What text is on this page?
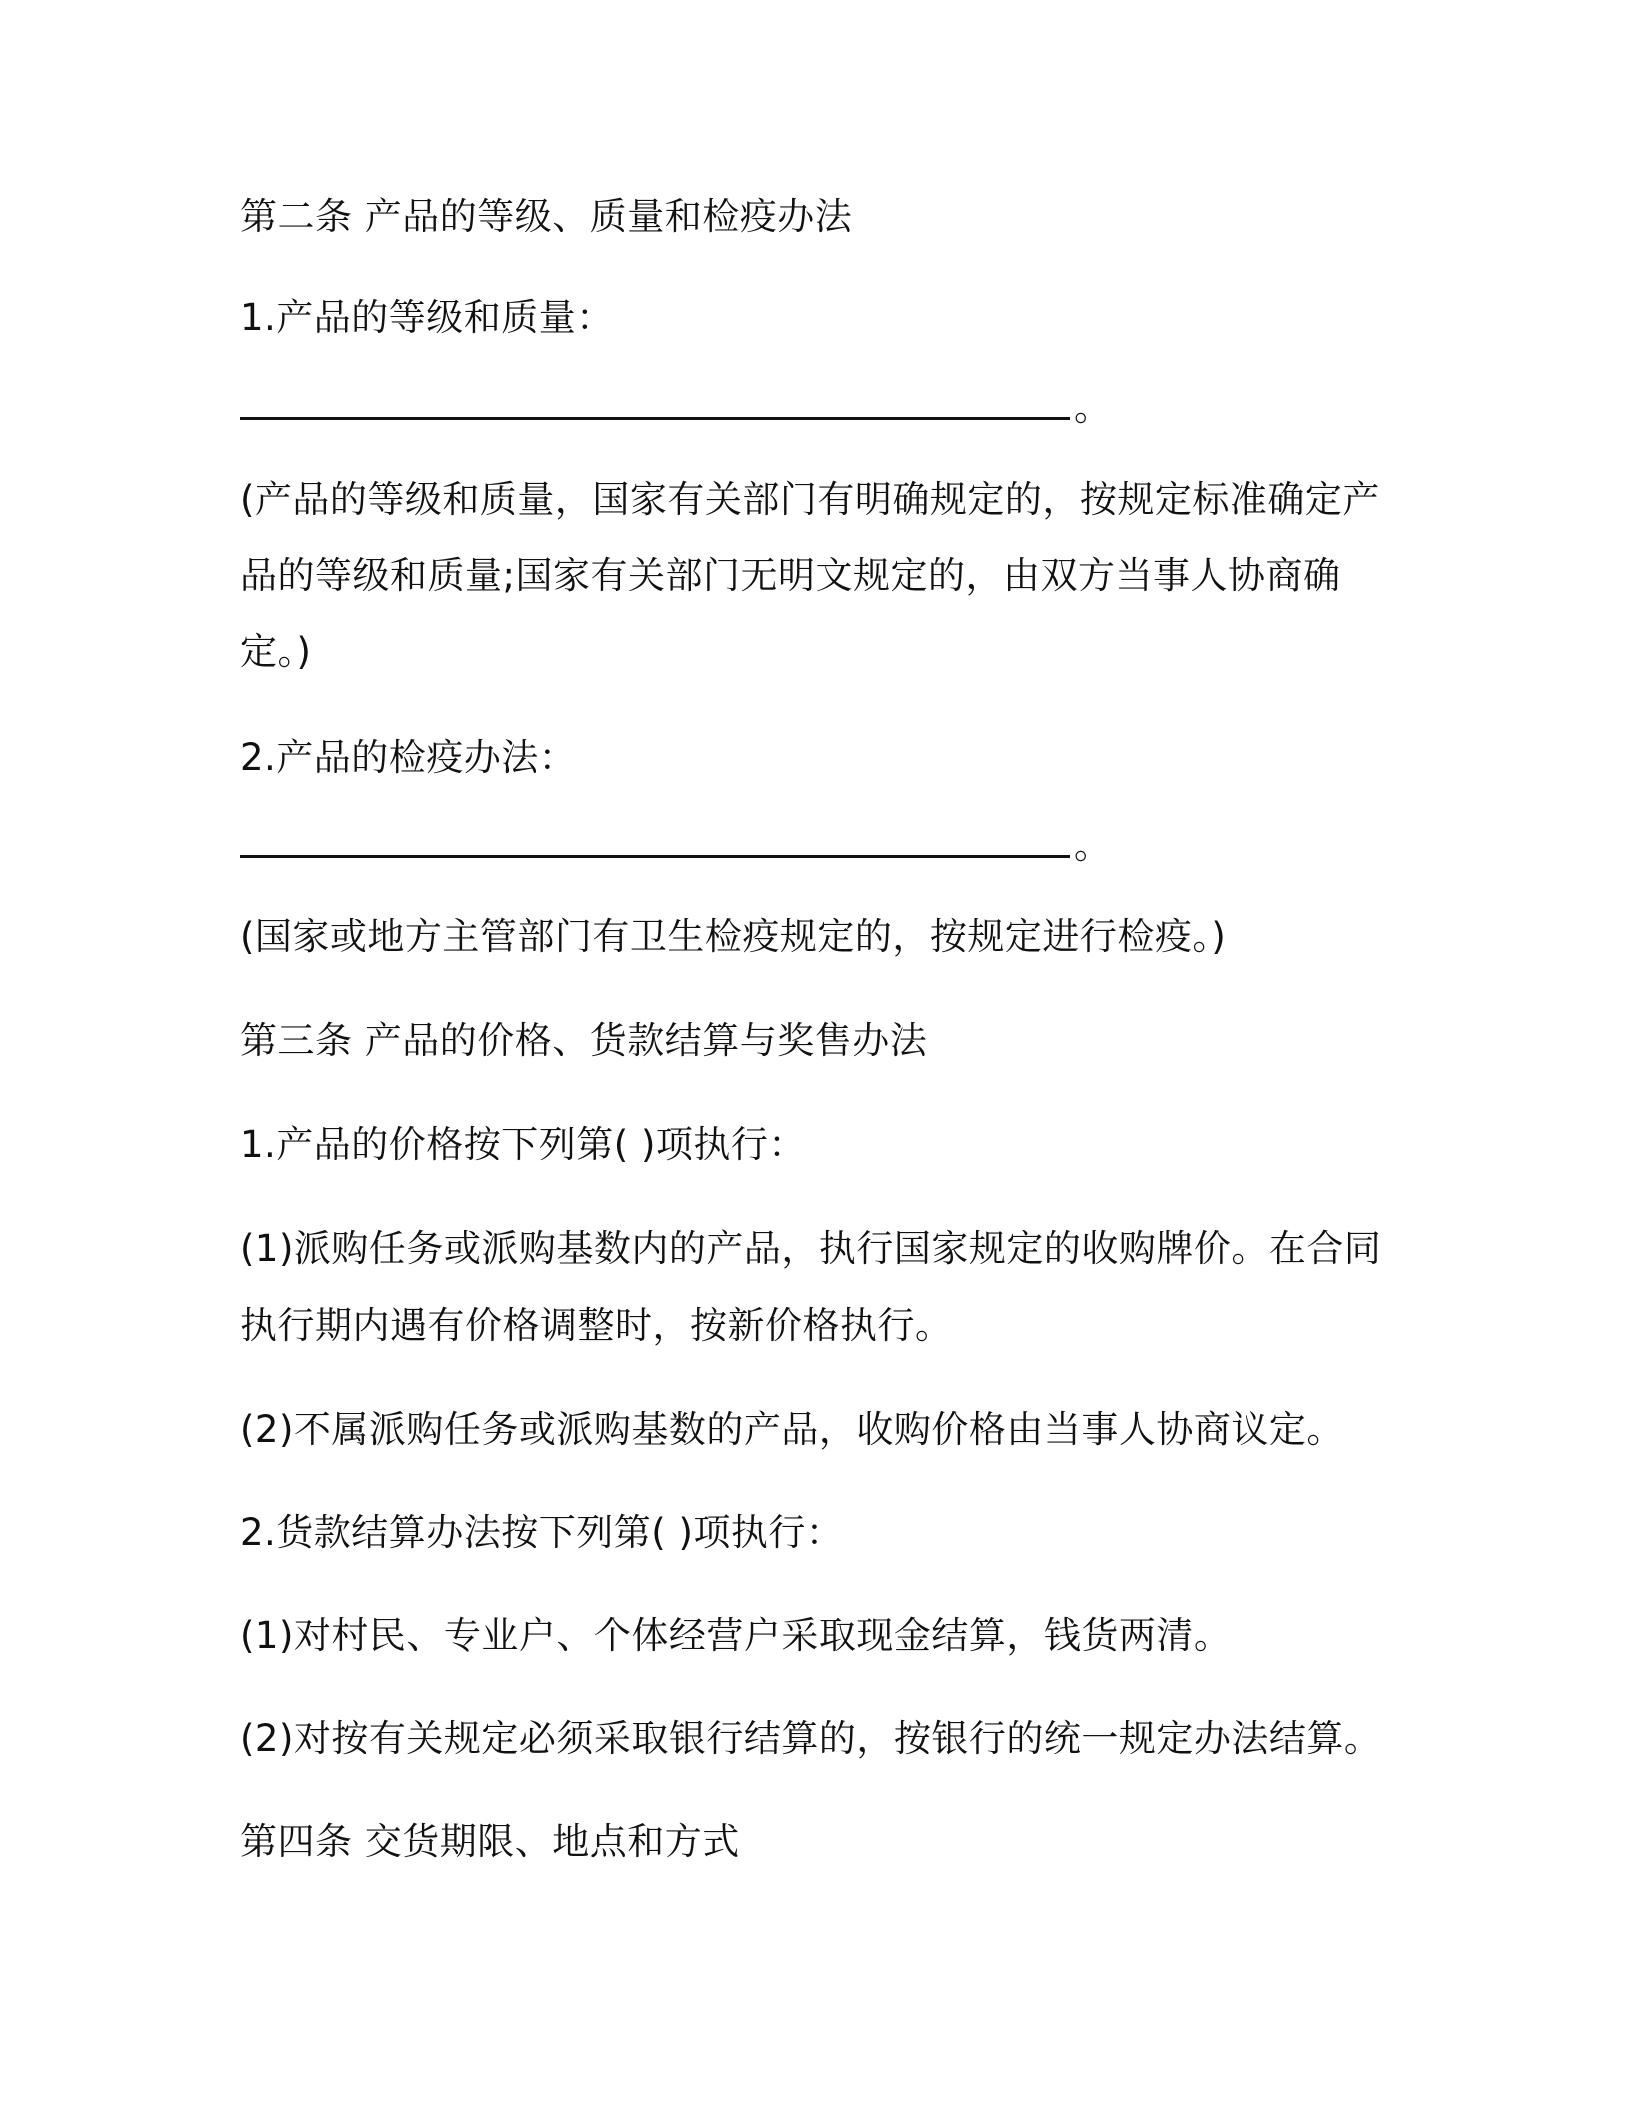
第二条 产品的等级、质量和检疫办法
1.产品的等级和质量：
。
(产品的等级和质量，国家有关部门有明确规定的，按规定标准确定产
品的等级和质量;国家有关部门无明文规定的，由双方当事人协商确
定。)
2.产品的检疫办法：
。
(国家或地方主管部门有卫生检疫规定的，按规定进行检疫。)
第三条 产品的价格、货款结算与奖售办法
1.产品的价格按下列第( )项执行：
(1)派购任务或派购基数内的产品，执行国家规定的收购牌价。在合同
执行期内遇有价格调整时，按新价格执行。
(2)不属派购任务或派购基数的产品，收购价格由当事人协商议定。
2.货款结算办法按下列第( )项执行：
(1)对村民、专业户、个体经营户采取现金结算，钱货两清。
(2)对按有关规定必须采取银行结算的，按银行的统一规定办法结算。
第四条 交货期限、地点和方式
